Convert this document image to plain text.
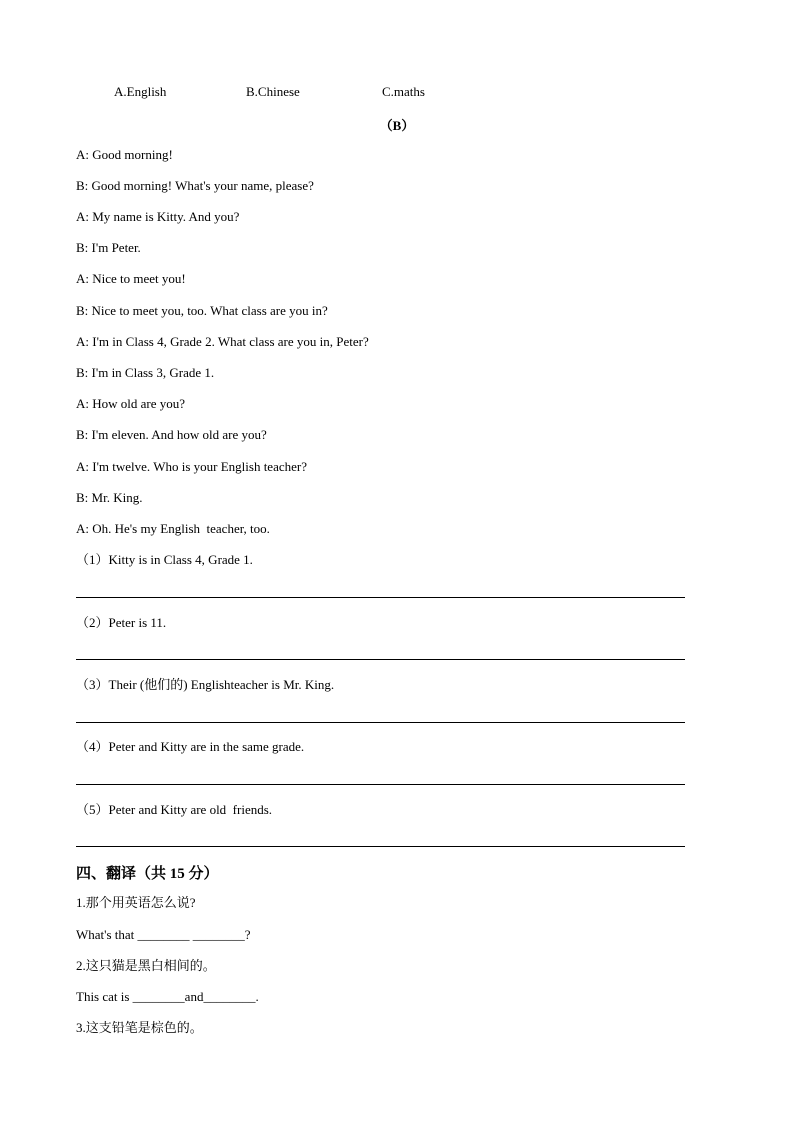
A.English	B.Chinese	C.maths
（B）
A: Good morning!
B: Good morning! What's your name, please?
A: My name is Kitty. And you?
B: I'm Peter.
A: Nice to meet you!
B: Nice to meet you, too. What class are you in?
A: I'm in Class 4, Grade 2. What class are you in, Peter?
B: I'm in Class 3, Grade 1.
A: How old are you?
B: I'm eleven. And how old are you?
A: I'm twelve. Who is your English teacher?
B: Mr. King.
A: Oh. He's my English  teacher, too.
（1）Kitty is in Class 4, Grade 1.
（2）Peter is 11.
（3）Their (他们的) Englishteacher is Mr. King.
（4）Peter and Kitty are in the same grade.
（5）Peter and Kitty are old  friends.
四、翻译（共 15 分）
1.那个用英语怎么说?
What's that ________ ________?
2.这只猫是黑白相间的。
This cat is ________and________.
3.这支铅笔是棕色的。
